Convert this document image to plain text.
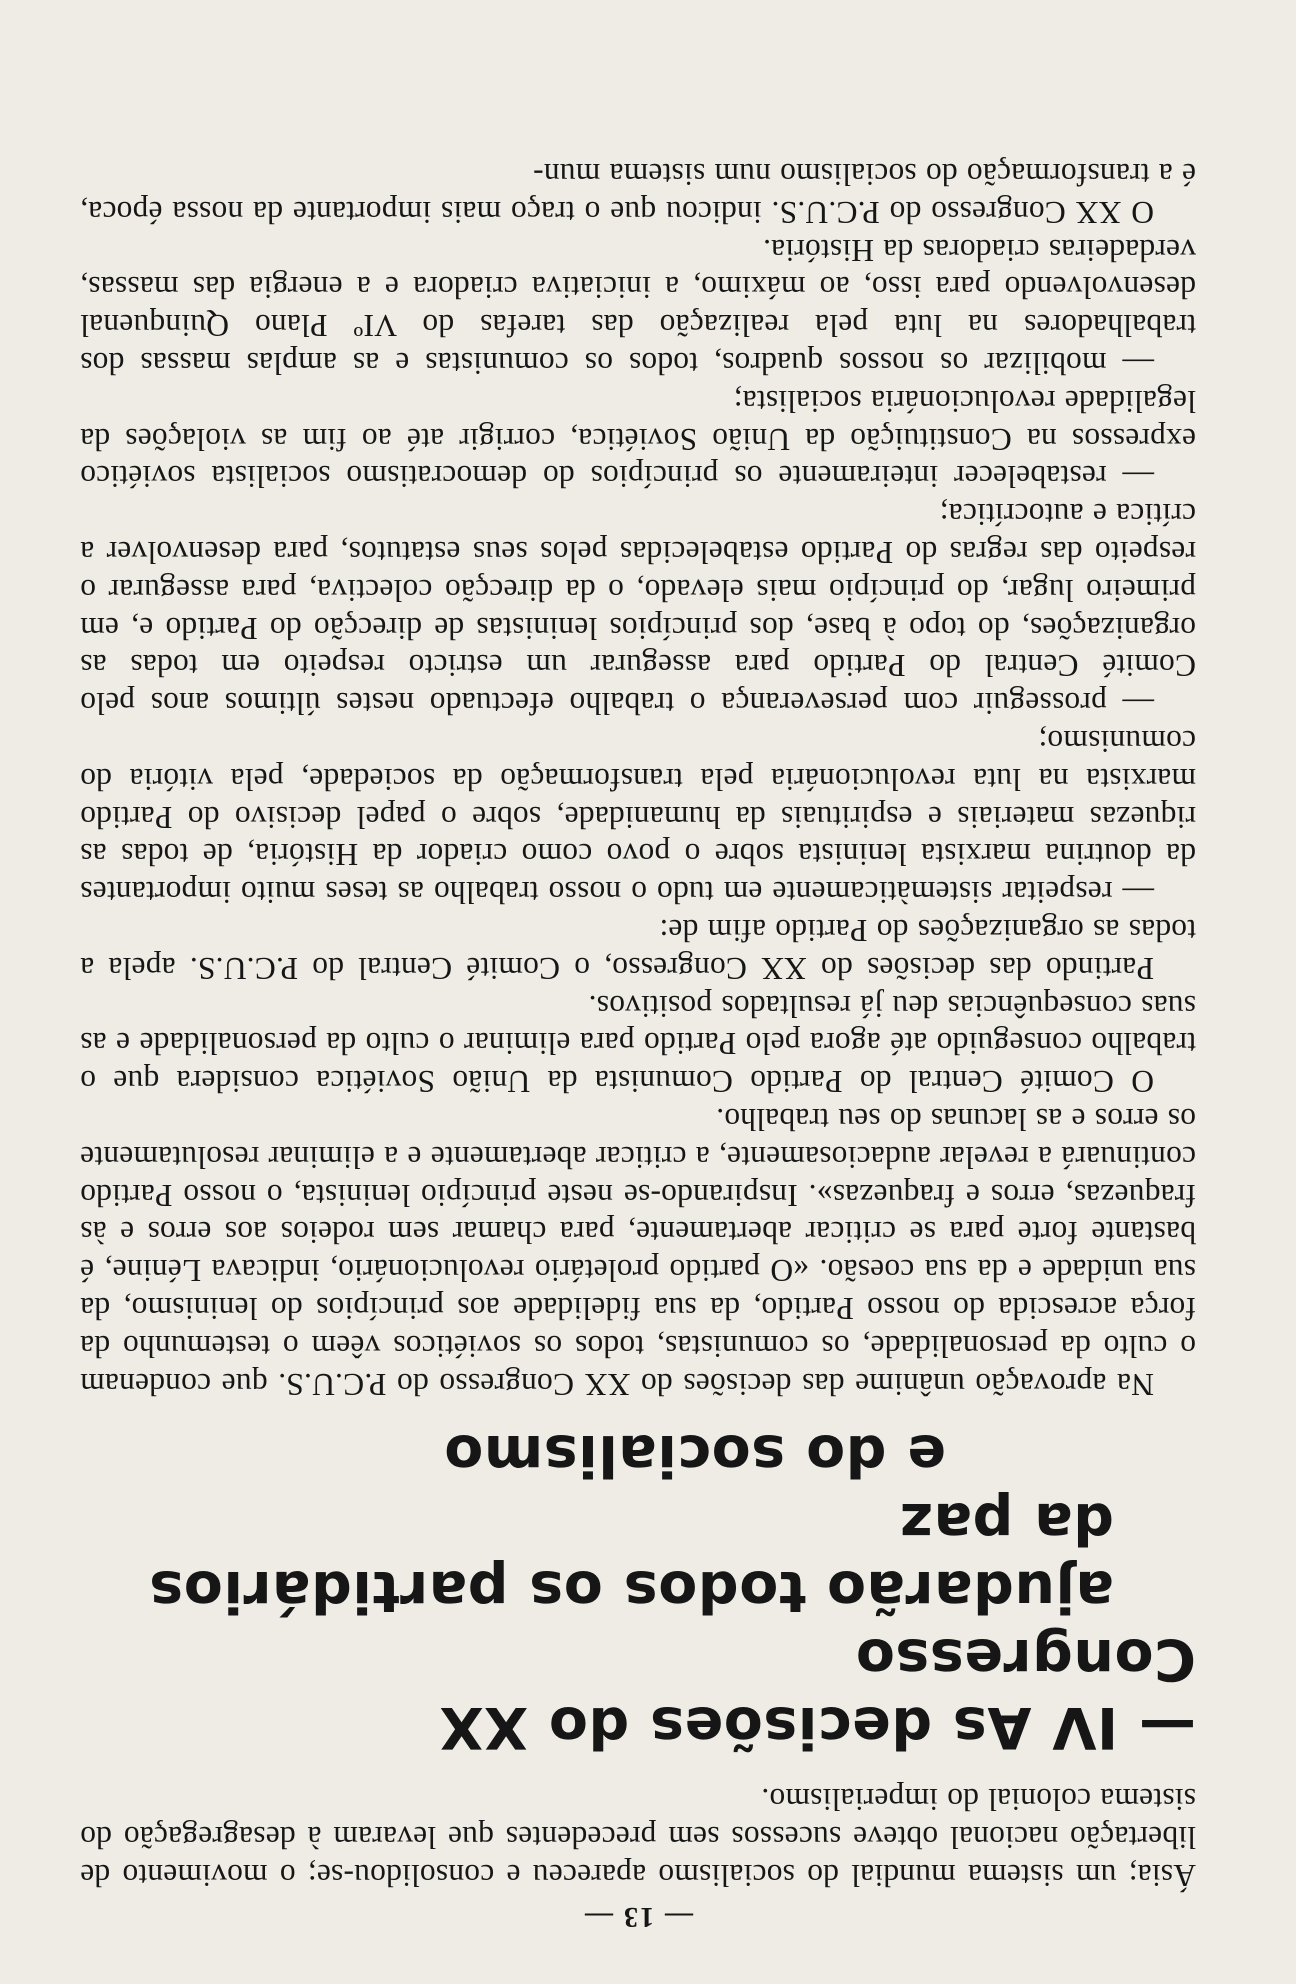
— 13 —

Ásia; um sistema mundial do socialismo apareceu e consolidou-se; o movimento de libertação nacional obteve sucessos sem precedentes que levaram à desagregação do sistema colonial do imperialismo.

— IV As decisões do XX Congresso
ajudarão todos os partidários da paz
e do socialismo

Na aprovação unânime das decisões do XX Congresso do P.C.U.S. que condenam o culto da personalidade, os comunistas, todos os soviéticos vêem o testemunho da força acrescida do nosso Partido, da sua fidelidade aos princípios do leninismo, da sua unidade e da sua coesão. «O partido proletário revolucionário, indicava Lénine, é bastante forte para se criticar abertamente, para chamar sem rodeios aos erros e às fraquezas, erros e fraquezas». Inspirando-se neste princípio leninista, o nosso Partido continuará a revelar audaciosamente, a criticar abertamente e a eliminar resolutamente os erros e as lacunas do seu trabalho.

O Comité Central do Partido Comunista da União Soviética considera que o trabalho conseguido até agora pelo Partido para eliminar o culto da personalidade e as suas consequências deu já resultados positivos.

Partindo das decisões do XX Congresso, o Comité Central do P.C.U.S. apela a todas as organizações do Partido afim de:

— respeitar sistemàticamente em tudo o nosso trabalho as teses muito importantes da doutrina marxista leninista sobre o povo como criador da História, de todas as riquezas materiais e espirituais da humanidade, sobre o papel decisivo do Partido marxista na luta revolucionária pela transformação da sociedade, pela vitória do comunismo;

— prosseguir com perseverança o trabalho efectuado nestes últimos anos pelo Comité Central do Partido para assegurar um estricto respeito em todas as organizações, do topo à base, dos princípios leninistas de direcção do Partido e, em primeiro lugar, do princípio mais elevado, o da direcção colectiva, para assegurar o respeito das regras do Partido estabelecidas pelos seus estatutos, para desenvolver a crítica e autocrítica;

— restabelecer inteiramente os princípios do democratismo socialista soviético expressos na Constituição da União Soviética, corrigir até ao fim as violações da legalidade revolucionária socialista;

— mobilizar os nossos quadros, todos os comunistas e as amplas massas dos trabalhadores na luta pela realização das tarefas do VIº Plano Quinquenal desenvolvendo para isso, ao máximo, a iniciativa criadora e a energia das massas, verdadeiras criadoras da História.

O XX Congresso do P.C.U.S. indicou que o traço mais importante da nossa época, é a transformação do socialismo num sistema mun-
